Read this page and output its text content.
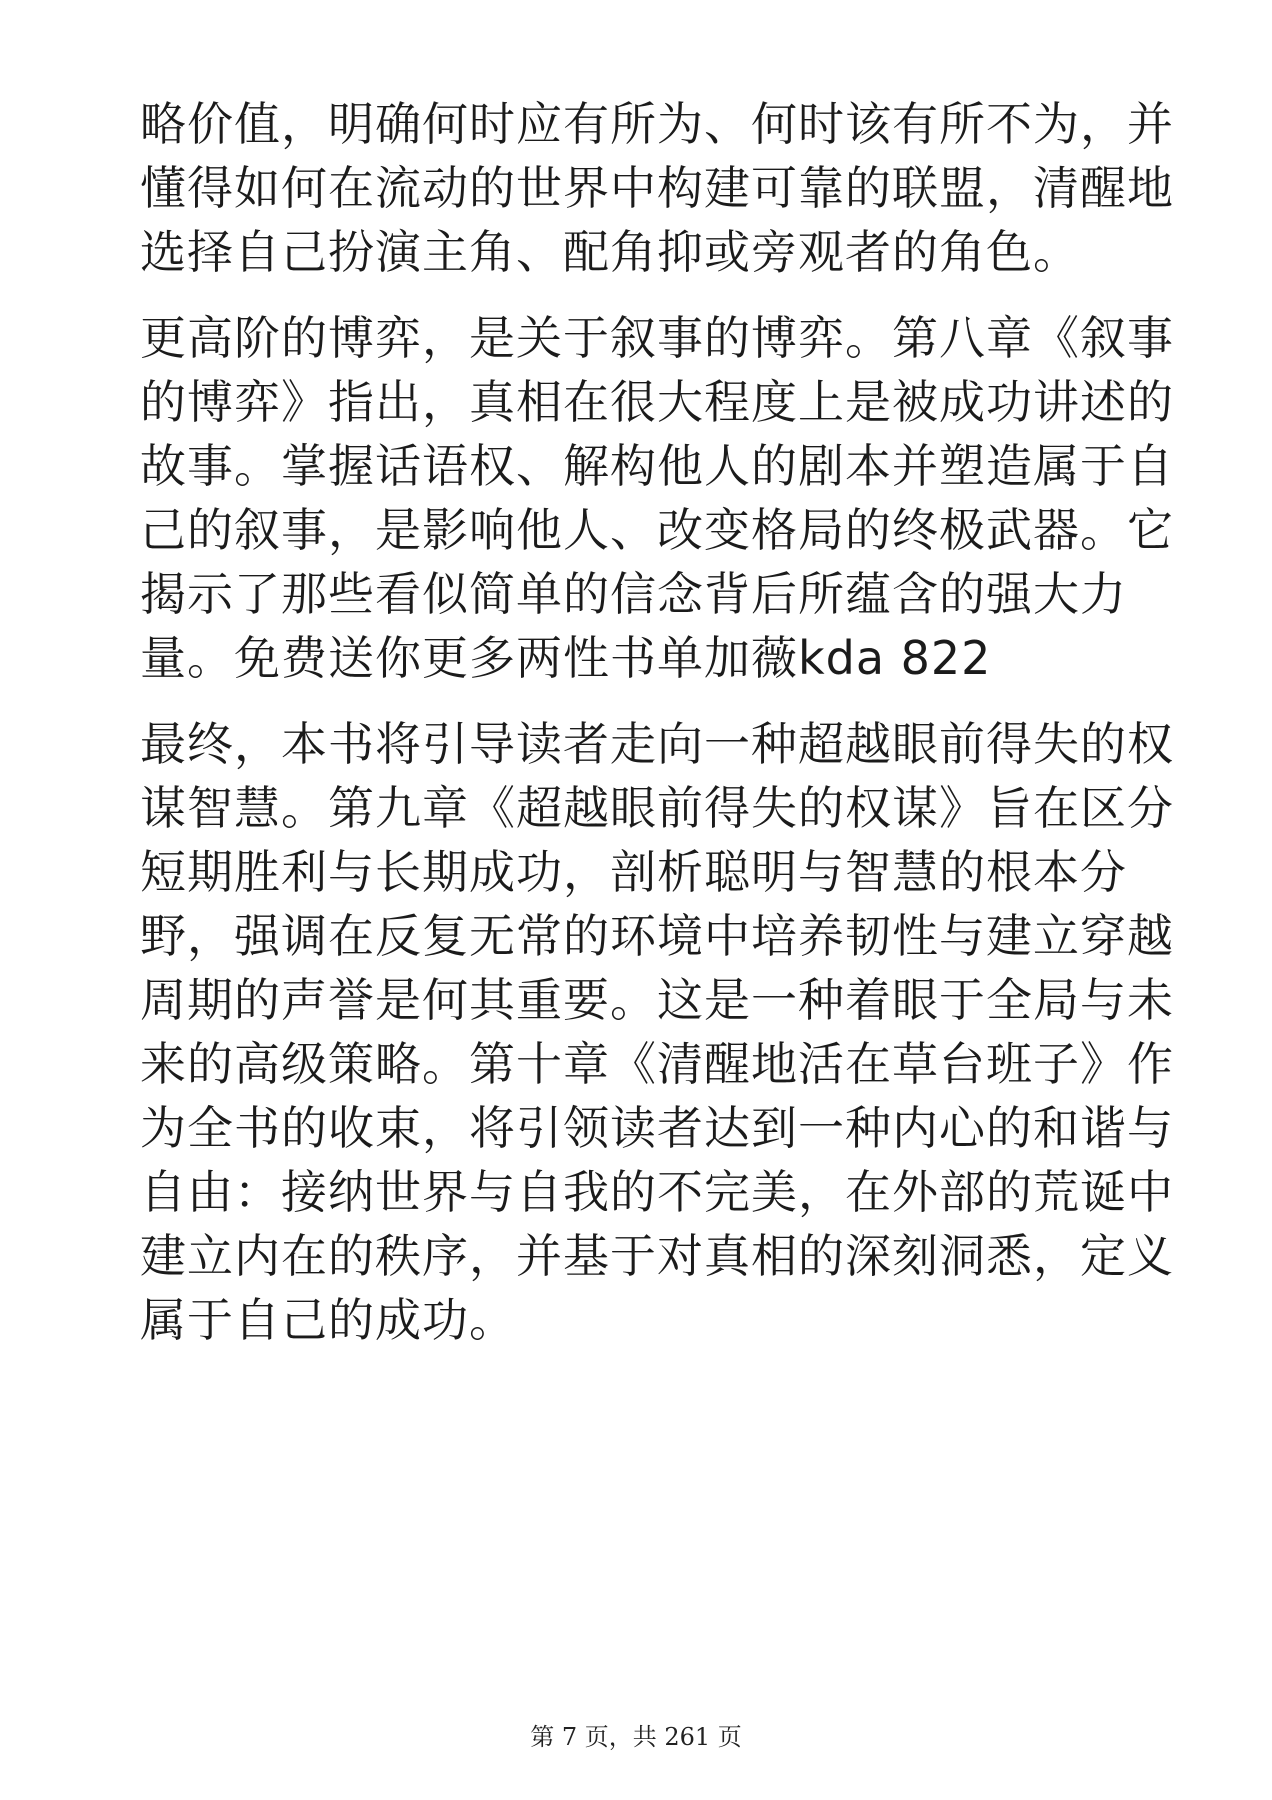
略价值，明确何时应有所为、何时该有所不为，并
懂得如何在流动的世界中构建可靠的联盟，清醒地
选择自己扮演主角、配角抑或旁观者的角色。

更高阶的博弈，是关于叙事的博弈。第八章《叙事
的博弈》指出，真相在很大程度上是被成功讲述的
故事。掌握话语权、解构他人的剧本并塑造属于自
己的叙事，是影响他人、改变格局的终极武器。它
揭示了那些看似简单的信念背后所蕴含的强大力
量。免费送你更多两性书单加薇kda 822

最终，本书将引导读者走向一种超越眼前得失的权
谋智慧。第九章《超越眼前得失的权谋》旨在区分
短期胜利与长期成功，剖析聪明与智慧的根本分
野，强调在反复无常的环境中培养韧性与建立穿越
周期的声誉是何其重要。这是一种着眼于全局与未
来的高级策略。第十章《清醒地活在草台班子》作
为全书的收束，将引领读者达到一种内心的和谐与
自由：接纳世界与自我的不完美，在外部的荒诞中
建立内在的秩序，并基于对真相的深刻洞悉，定义
属于自己的成功。

第 7 页，共 261 页
